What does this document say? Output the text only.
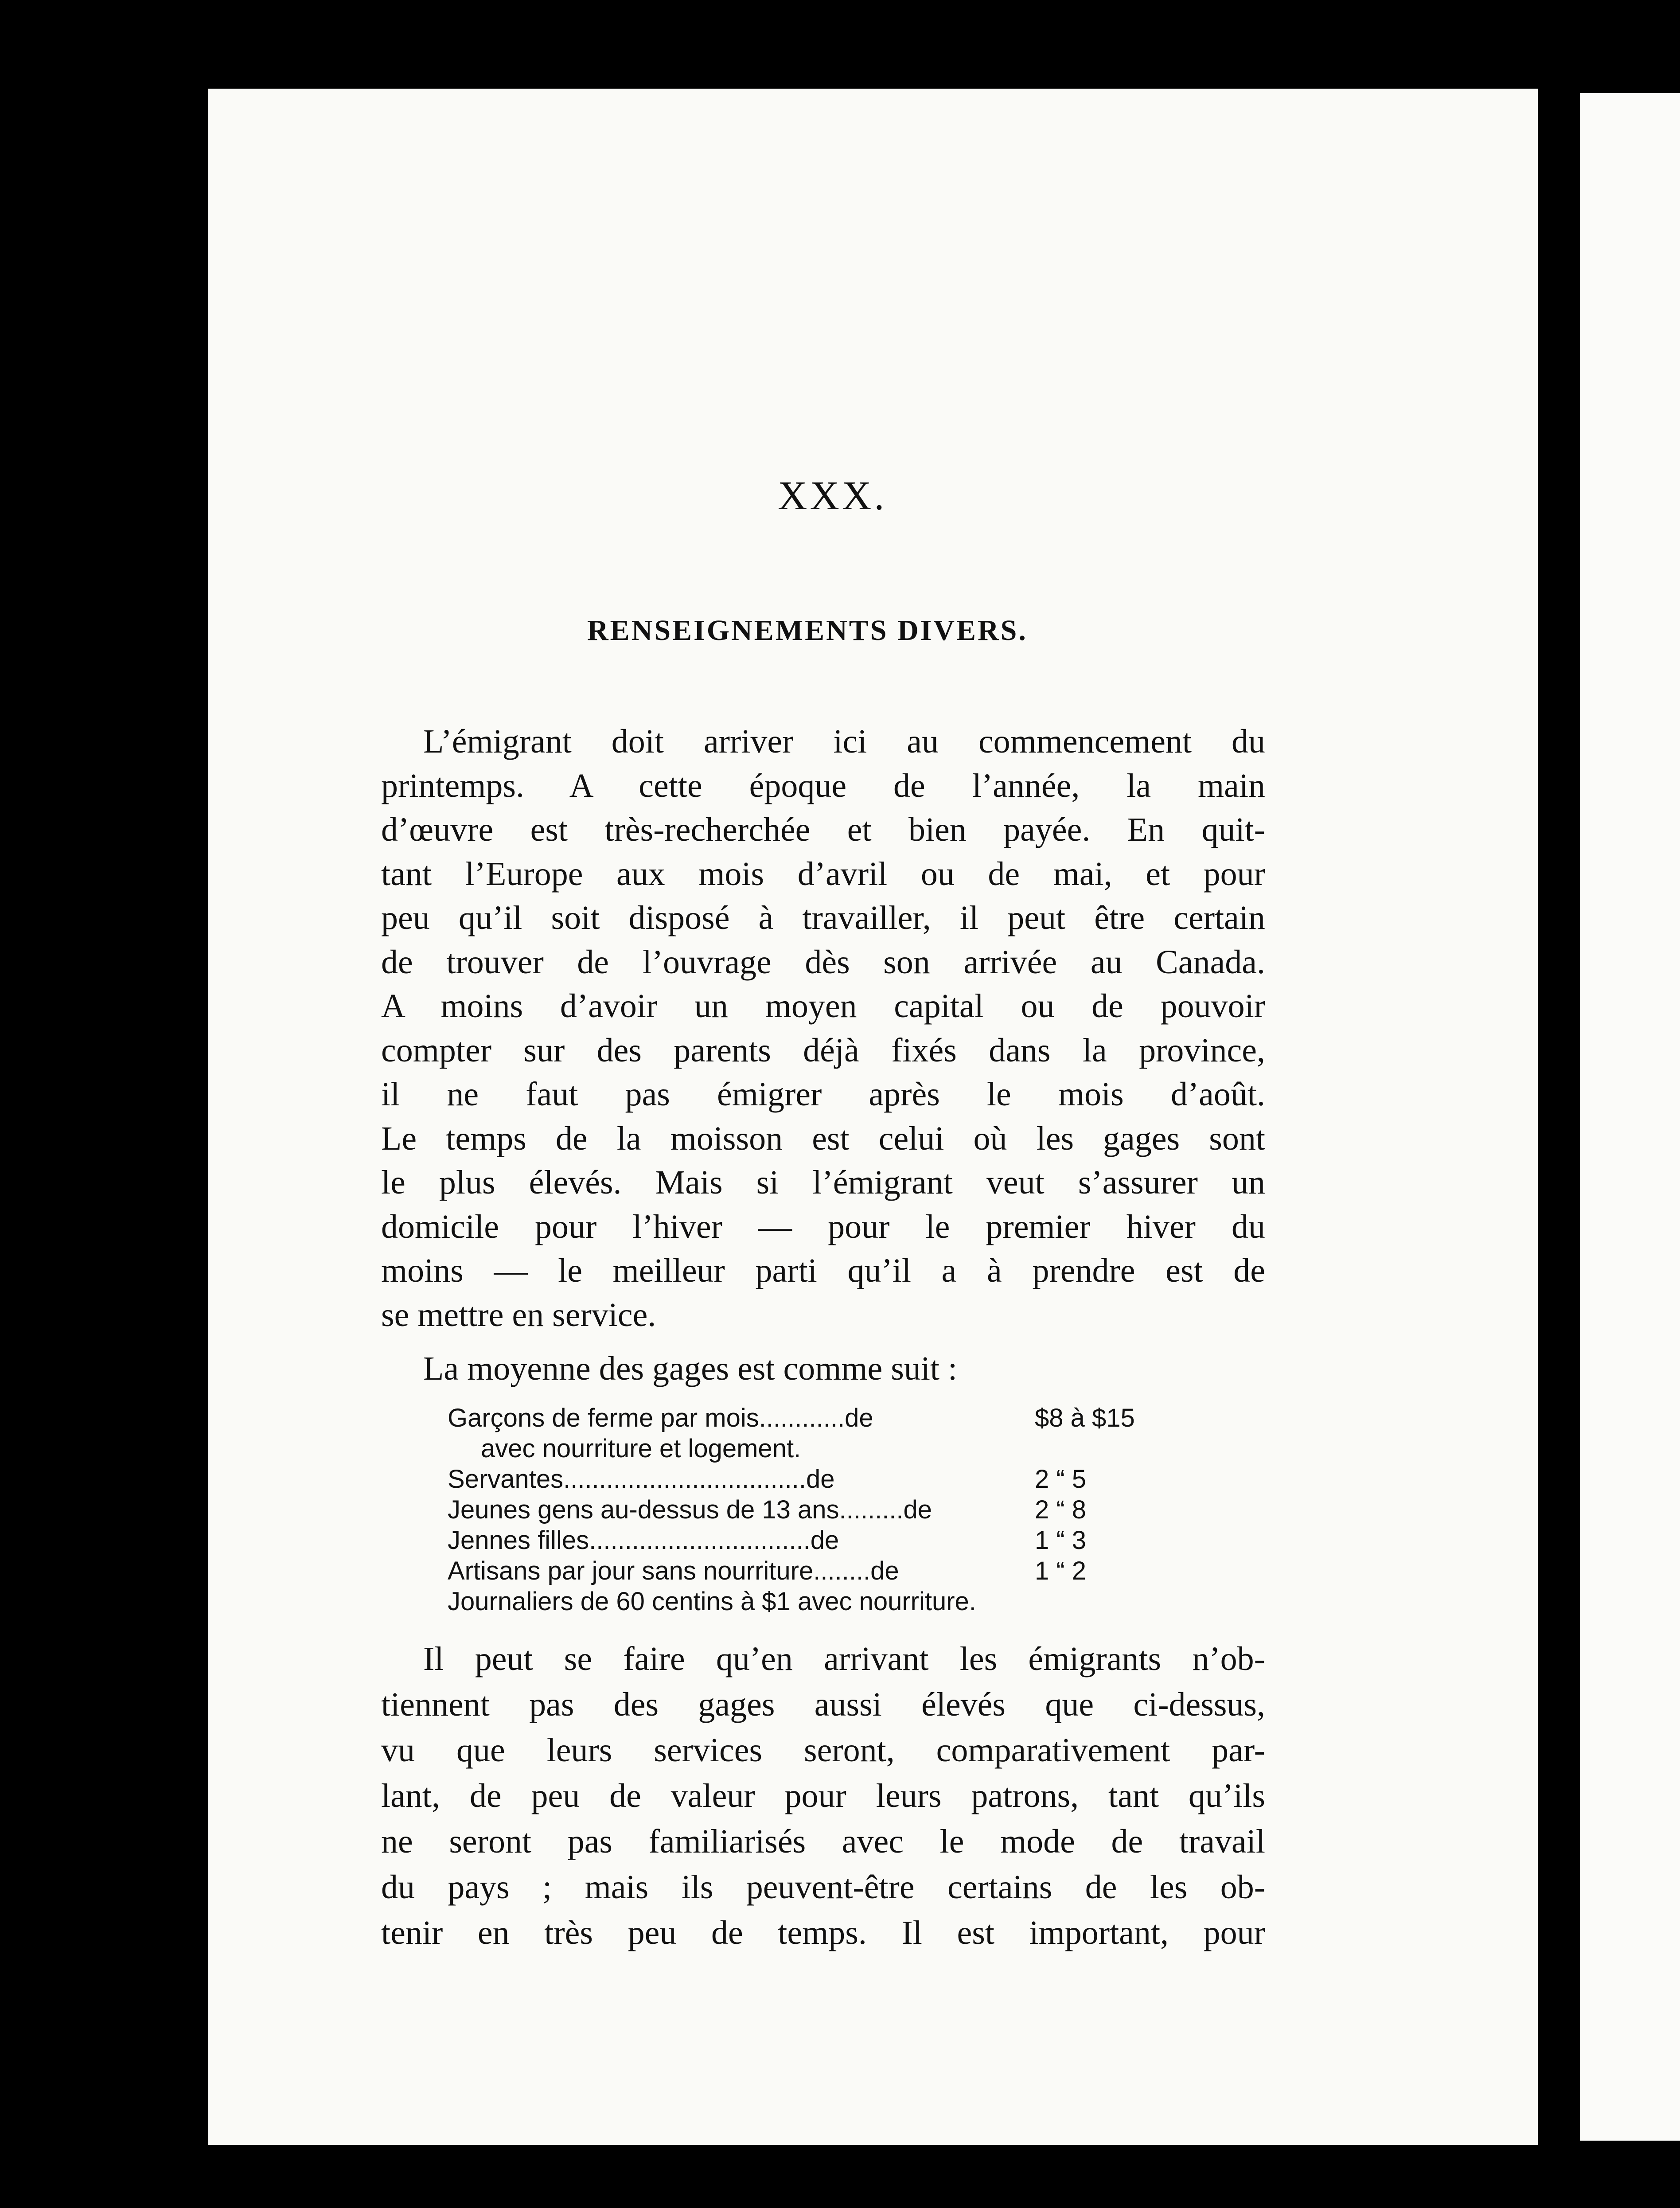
XXX.
RENSEIGNEMENTS DIVERS.
L’émigrant doit arriver ici au commencement du
printemps. A cette époque de l’année, la main
d’œuvre est très-recherchée et bien payée. En quit-
tant l’Europe aux mois d’avril ou de mai, et pour
peu qu’il soit disposé à travailler, il peut être certain
de trouver de l’ouvrage dès son arrivée au Canada.
A moins d’avoir un moyen capital ou de pouvoir
compter sur des parents déjà fixés dans la province,
il ne faut pas émigrer après le mois d’août.
Le temps de la moisson est celui où les gages sont
le plus élevés. Mais si l’émigrant veut s’assurer un
domicile pour l’hiver — pour le premier hiver du
moins — le meilleur parti qu’il a à prendre est de
se mettre en service.
La moyenne des gages est comme suit :
Garçons de ferme par mois............de	$8 à $15
avec nourriture et logement.
Servantes..................................de	2 “ 5
Jeunes gens au-dessus de 13 ans.........de	2 “ 8
Jennes filles...............................de	1 “ 3
Artisans par jour sans nourriture........de	1 “ 2
Journaliers de 60 centins à $1 avec nourriture.
Il peut se faire qu’en arrivant les émigrants n’ob-
tiennent pas des gages aussi élevés que ci-dessus,
vu que leurs services seront, comparativement par-
lant, de peu de valeur pour leurs patrons, tant qu’ils
ne seront pas familiarisés avec le mode de travail
du pays ; mais ils peuvent-être certains de les ob-
tenir en très peu de temps. Il est important, pour
